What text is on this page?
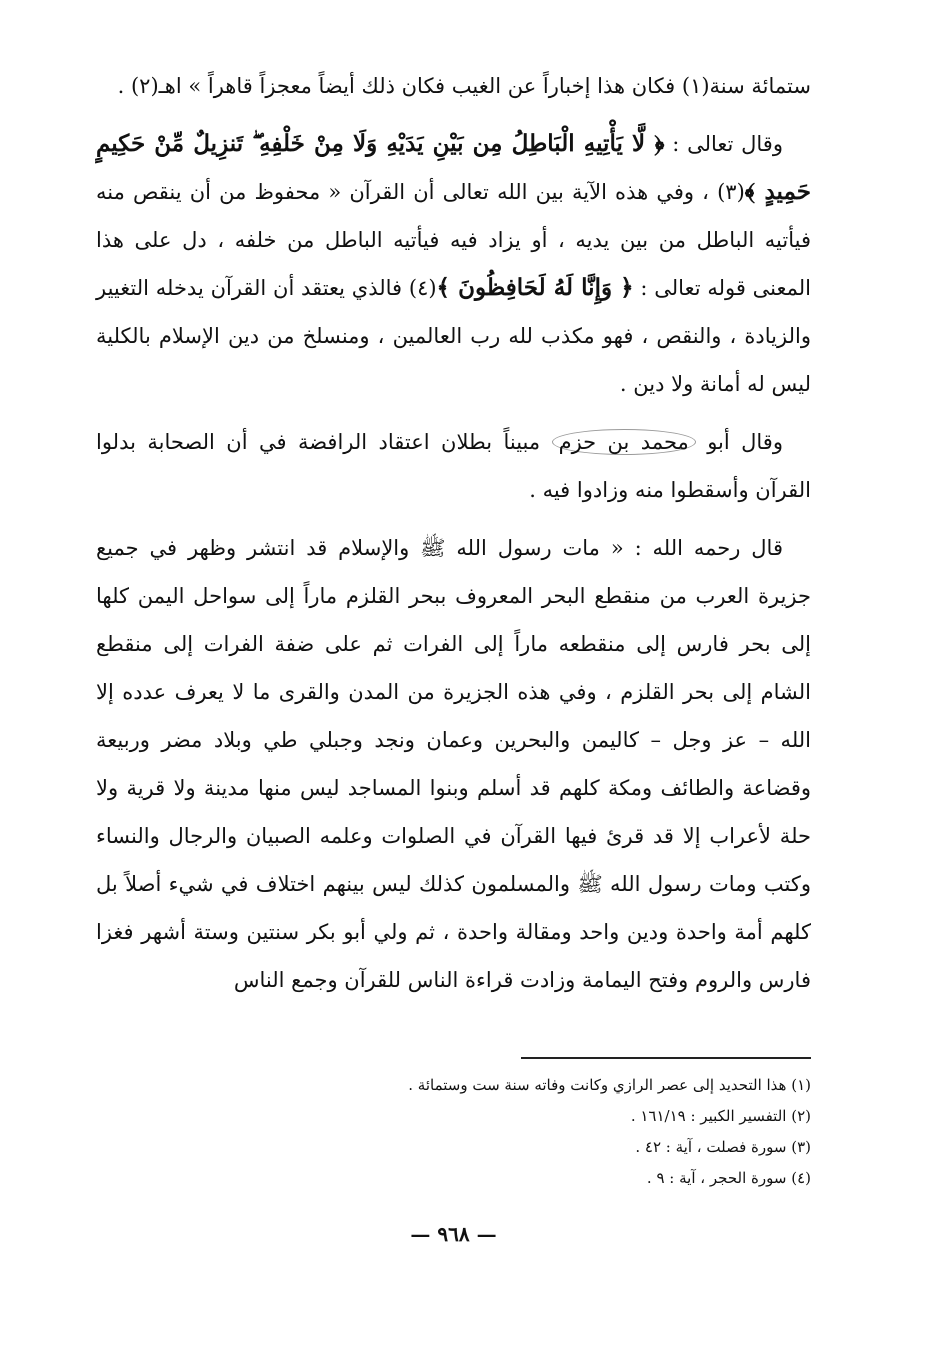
ستمائة سنة(١) فكان هذا إخباراً عن الغيب فكان ذلك أيضاً معجزاً قاهراً » اهـ(٢) .

وقال تعالى : ﴿ لَّا يَأْتِيهِ الْبَاطِلُ مِن بَيْنِ يَدَيْهِ وَلَا مِنْ خَلْفِهِ ۖ تَنزِيلٌ مِّنْ حَكِيمٍ حَمِيدٍ ﴾(٣) ، وفي هذه الآية بين الله تعالى أن القرآن « محفوظ من أن ينقص منه فيأتيه الباطل من بين يديه ، أو يزاد فيه فيأتيه الباطل من خلفه ، دل على هذا المعنى قوله تعالى : ﴿ وَإِنَّا لَهُ لَحَافِظُونَ ﴾(٤) فالذي يعتقد أن القرآن يدخله التغيير والزيادة ، والنقص ، فهو مكذب لله رب العالمين ، ومنسلخ من دين الإسلام بالكلية ليس له أمانة ولا دين .

وقال أبو محمد بن حزم مبيناً بطلان اعتقاد الرافضة في أن الصحابة بدلوا القرآن وأسقطوا منه وزادوا فيه .

قال رحمه الله : « مات رسول الله ﷺ والإسلام قد انتشر وظهر في جميع جزيرة العرب من منقطع البحر المعروف ببحر القلزم ماراً إلى سواحل اليمن كلها إلى بحر فارس إلى منقطعه ماراً إلى الفرات ثم على ضفة الفرات إلى منقطع الشام إلى بحر القلزم ، وفي هذه الجزيرة من المدن والقرى ما لا يعرف عدده إلا الله – عز وجل – كاليمن والبحرين وعمان ونجد وجبلي طي وبلاد مضر وربيعة وقضاعة والطائف ومكة كلهم قد أسلم وبنوا المساجد ليس منها مدينة ولا قرية ولا حلة لأعراب إلا قد قرئ فيها القرآن في الصلوات وعلمه الصبيان والرجال والنساء وكتب ومات رسول الله ﷺ والمسلمون كذلك ليس بينهم اختلاف في شيء أصلاً بل كلهم أمة واحدة ودين واحد ومقالة واحدة ، ثم ولي أبو بكر سنتين وستة أشهر فغزا فارس والروم وفتح اليمامة وزادت قراءة الناس للقرآن وجمع الناس

(١) هذا التحديد إلى عصر الرازي وكانت وفاته سنة ست وستمائة .

(٢) التفسير الكبير : ١٦١/١٩ .

(٣) سورة فصلت ، آية : ٤٢ .

(٤) سورة الحجر ، آية : ٩ .

— ٩٦٨ —
